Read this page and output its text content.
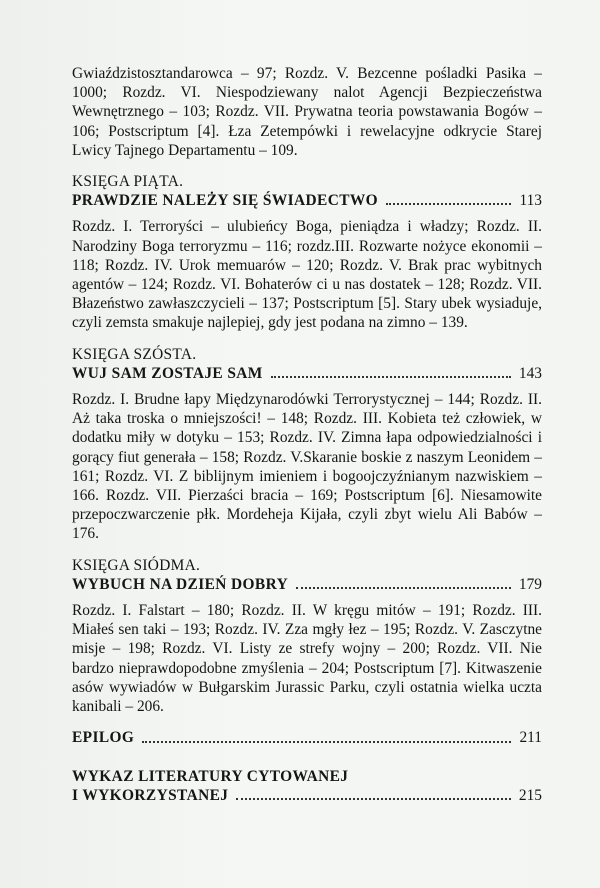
Gwiaździstosztandarowca – 97; Rozdz. V. Bezcenne pośladki Pasika – 1000; Rozdz. VI. Niespodziewany nalot Agencji Bezpieczeństwa Wewnętrznego – 103; Rozdz. VII. Prywatna teoria powstawania Bogów – 106; Postscriptum [4]. Łza Zetempówki i rewelacyjne odkrycie Starej Lwicy Tajnego Departamentu – 109.

KSIĘGA PIĄTA.
PRAWDZIE NALEŻY SIĘ ŚWIADECTWO	113

Rozdz. I. Terroryści – ulubieńcy Boga, pieniądza i władzy; Rozdz. II. Narodziny Boga terroryzmu – 116; rozdz.III. Rozwarte nożyce ekonomii – 118; Rozdz. IV. Urok memuarów – 120; Rozdz. V. Brak prac wybitnych agentów – 124; Rozdz. VI. Bohaterów ci u nas dostatek – 128; Rozdz. VII. Błazeństwo zawłaszczycieli – 137; Postscriptum [5]. Stary ubek wysiaduje, czyli zemsta smakuje najlepiej, gdy jest podana na zimno – 139.

KSIĘGA SZÓSTA.
WUJ SAM ZOSTAJE SAM	143

Rozdz. I. Brudne łapy Międzynarodówki Terrorystycznej – 144; Rozdz. II. Aż taka troska o mniejszości! – 148; Rozdz. III. Kobieta też człowiek, w dodatku miły w dotyku – 153; Rozdz. IV. Zimna łapa odpowiedzialności i gorący fiut generała – 158; Rozdz. V.Skaranie boskie z naszym Leonidem – 161; Rozdz. VI. Z biblijnym imieniem i bogoojczyźnianym nazwiskiem – 166. Rozdz. VII. Pierzaści bracia – 169; Postscriptum [6]. Niesamowite przepoczwarczenie płk. Mordeheja Kijała, czyli zbyt wielu Ali Babów – 176.

KSIĘGA SIÓDMA.
WYBUCH NA DZIEŃ DOBRY	179

Rozdz. I. Falstart – 180; Rozdz. II. W kręgu mitów – 191; Rozdz. III. Miałeś sen taki – 193; Rozdz. IV. Zza mgły łez – 195; Rozdz. V. Zasczytne misje – 198; Rozdz. VI. Listy ze strefy wojny – 200; Rozdz. VII. Nie bardzo nieprawdopodobne zmyślenia – 204; Postscriptum [7]. Kitwaszenie asów wywiadów w Bułgarskim Jurassic Parku, czyli ostatnia wielka uczta kanibali – 206.

EPILOG	211
WYKAZ LITERATURY CYTOWANEJ
I WYKORZYSTANEJ	215
